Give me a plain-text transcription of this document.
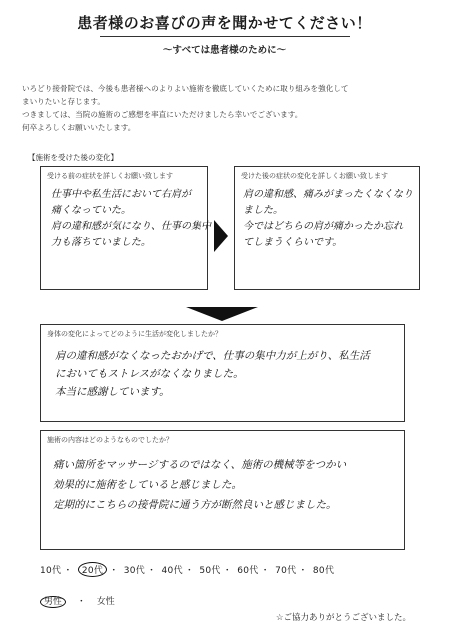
患者様のお喜びの声を聞かせてください！
〜すべては患者様のために〜
いろどり接骨院では、今後も患者様へのよりよい施術を徹底していくために取り組みを強化して
まいりたいと存じます。
つきましては、当院の施術のご感想を率直にいただけましたら幸いでございます。
何卒よろしくお願いいたします。
【施術を受けた後の変化】
受ける前の症状を詳しくお願い致します
仕事中や私生活において右肩が
痛くなっていた。
肩の違和感が気になり、仕事の集中
力も落ちていました。
受けた後の症状の変化を詳しくお願い致します
肩の違和感、痛みがまったくなくなり
ました。
今ではどちらの肩が痛かったか忘れ
てしまうくらいです。
身体の変化によってどのように生活が変化しましたか？
肩の違和感がなくなったおかげで、仕事の集中力が上がり、私生活
においてもストレスがなくなりました。
本当に感謝しています。
施術の内容はどのようなものでしたか？
痛い箇所をマッサージするのではなく、施術の機械等をつかい
効果的に施術をしていると感じました。
定期的にこちらの接骨院に通う方が断然良いと感じました。
10代 ・ 20代 ・ 30代 ・ 40代 ・ 50代 ・ 60代 ・ 70代 ・ 80代
男性 ・ 女性
☆ご協力ありがとうございました。
